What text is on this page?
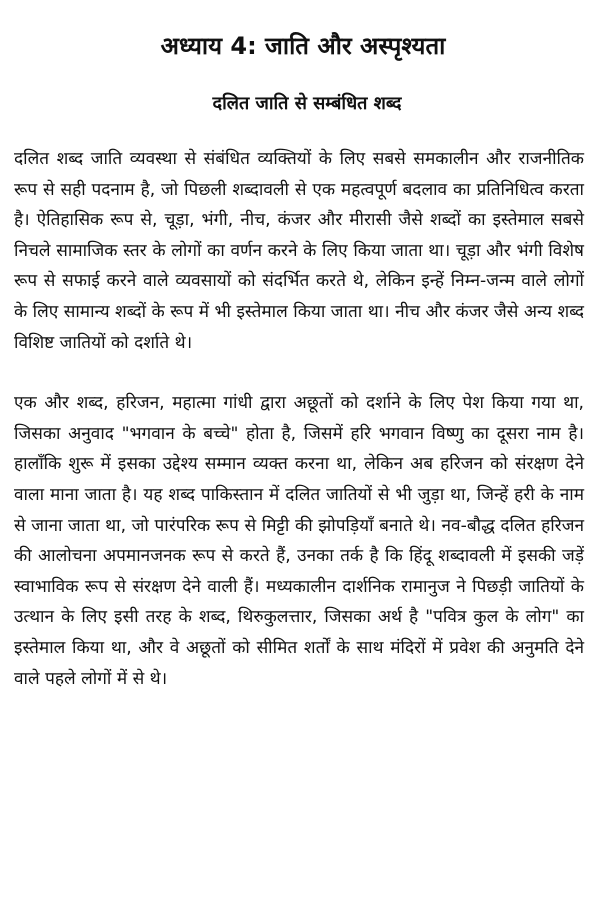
अध्याय 4: जाति और अस्पृश्यता
दलित जाति से सम्बंधित शब्द

दलित शब्द जाति व्यवस्था से संबंधित व्यक्तियों के लिए सबसे समकालीन और राजनीतिक रूप से सही पदनाम है, जो पिछली शब्दावली से एक महत्वपूर्ण बदलाव का प्रतिनिधित्व करता है। ऐतिहासिक रूप से, चूड़ा, भंगी, नीच, कंजर और मीरासी जैसे शब्दों का इस्तेमाल सबसे निचले सामाजिक स्तर के लोगों का वर्णन करने के लिए किया जाता था। चूड़ा और भंगी विशेष रूप से सफाई करने वाले व्यवसायों को संदर्भित करते थे, लेकिन इन्हें निम्न-जन्म वाले लोगों के लिए सामान्य शब्दों के रूप में भी इस्तेमाल किया जाता था। नीच और कंजर जैसे अन्य शब्द विशिष्ट जातियों को दर्शाते थे।

एक और शब्द, हरिजन, महात्मा गांधी द्वारा अछूतों को दर्शाने के लिए पेश किया गया था, जिसका अनुवाद "भगवान के बच्चे" होता है, जिसमें हरि भगवान विष्णु का दूसरा नाम है। हालाँकि शुरू में इसका उद्देश्य सम्मान व्यक्त करना था, लेकिन अब हरिजन को संरक्षण देने वाला माना जाता है। यह शब्द पाकिस्तान में दलित जातियों से भी जुड़ा था, जिन्हें हरी के नाम से जाना जाता था, जो पारंपरिक रूप से मिट्टी की झोपड़ियाँ बनाते थे। नव-बौद्ध दलित हरिजन की आलोचना अपमानजनक रूप से करते हैं, उनका तर्क है कि हिंदू शब्दावली में इसकी जड़ें स्वाभाविक रूप से संरक्षण देने वाली हैं। मध्यकालीन दार्शनिक रामानुज ने पिछड़ी जातियों के उत्थान के लिए इसी तरह के शब्द, थिरुकुलत्तार, जिसका अर्थ है "पवित्र कुल के लोग" का इस्तेमाल किया था, और वे अछूतों को सीमित शर्तों के साथ मंदिरों में प्रवेश की अनुमति देने वाले पहले लोगों में से थे।
